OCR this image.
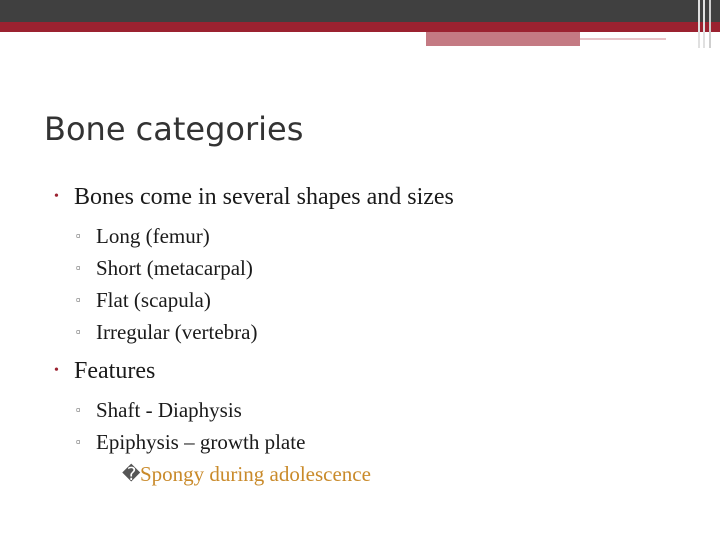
Bone categories
• Bones come in several shapes and sizes
▫ Long (femur)
▫ Short (metacarpal)
▫ Flat (scapula)
▫ Irregular (vertebra)
• Features
▫ Shaft - Diaphysis
▫ Epiphysis – growth plate
� Spongy during adolescence
